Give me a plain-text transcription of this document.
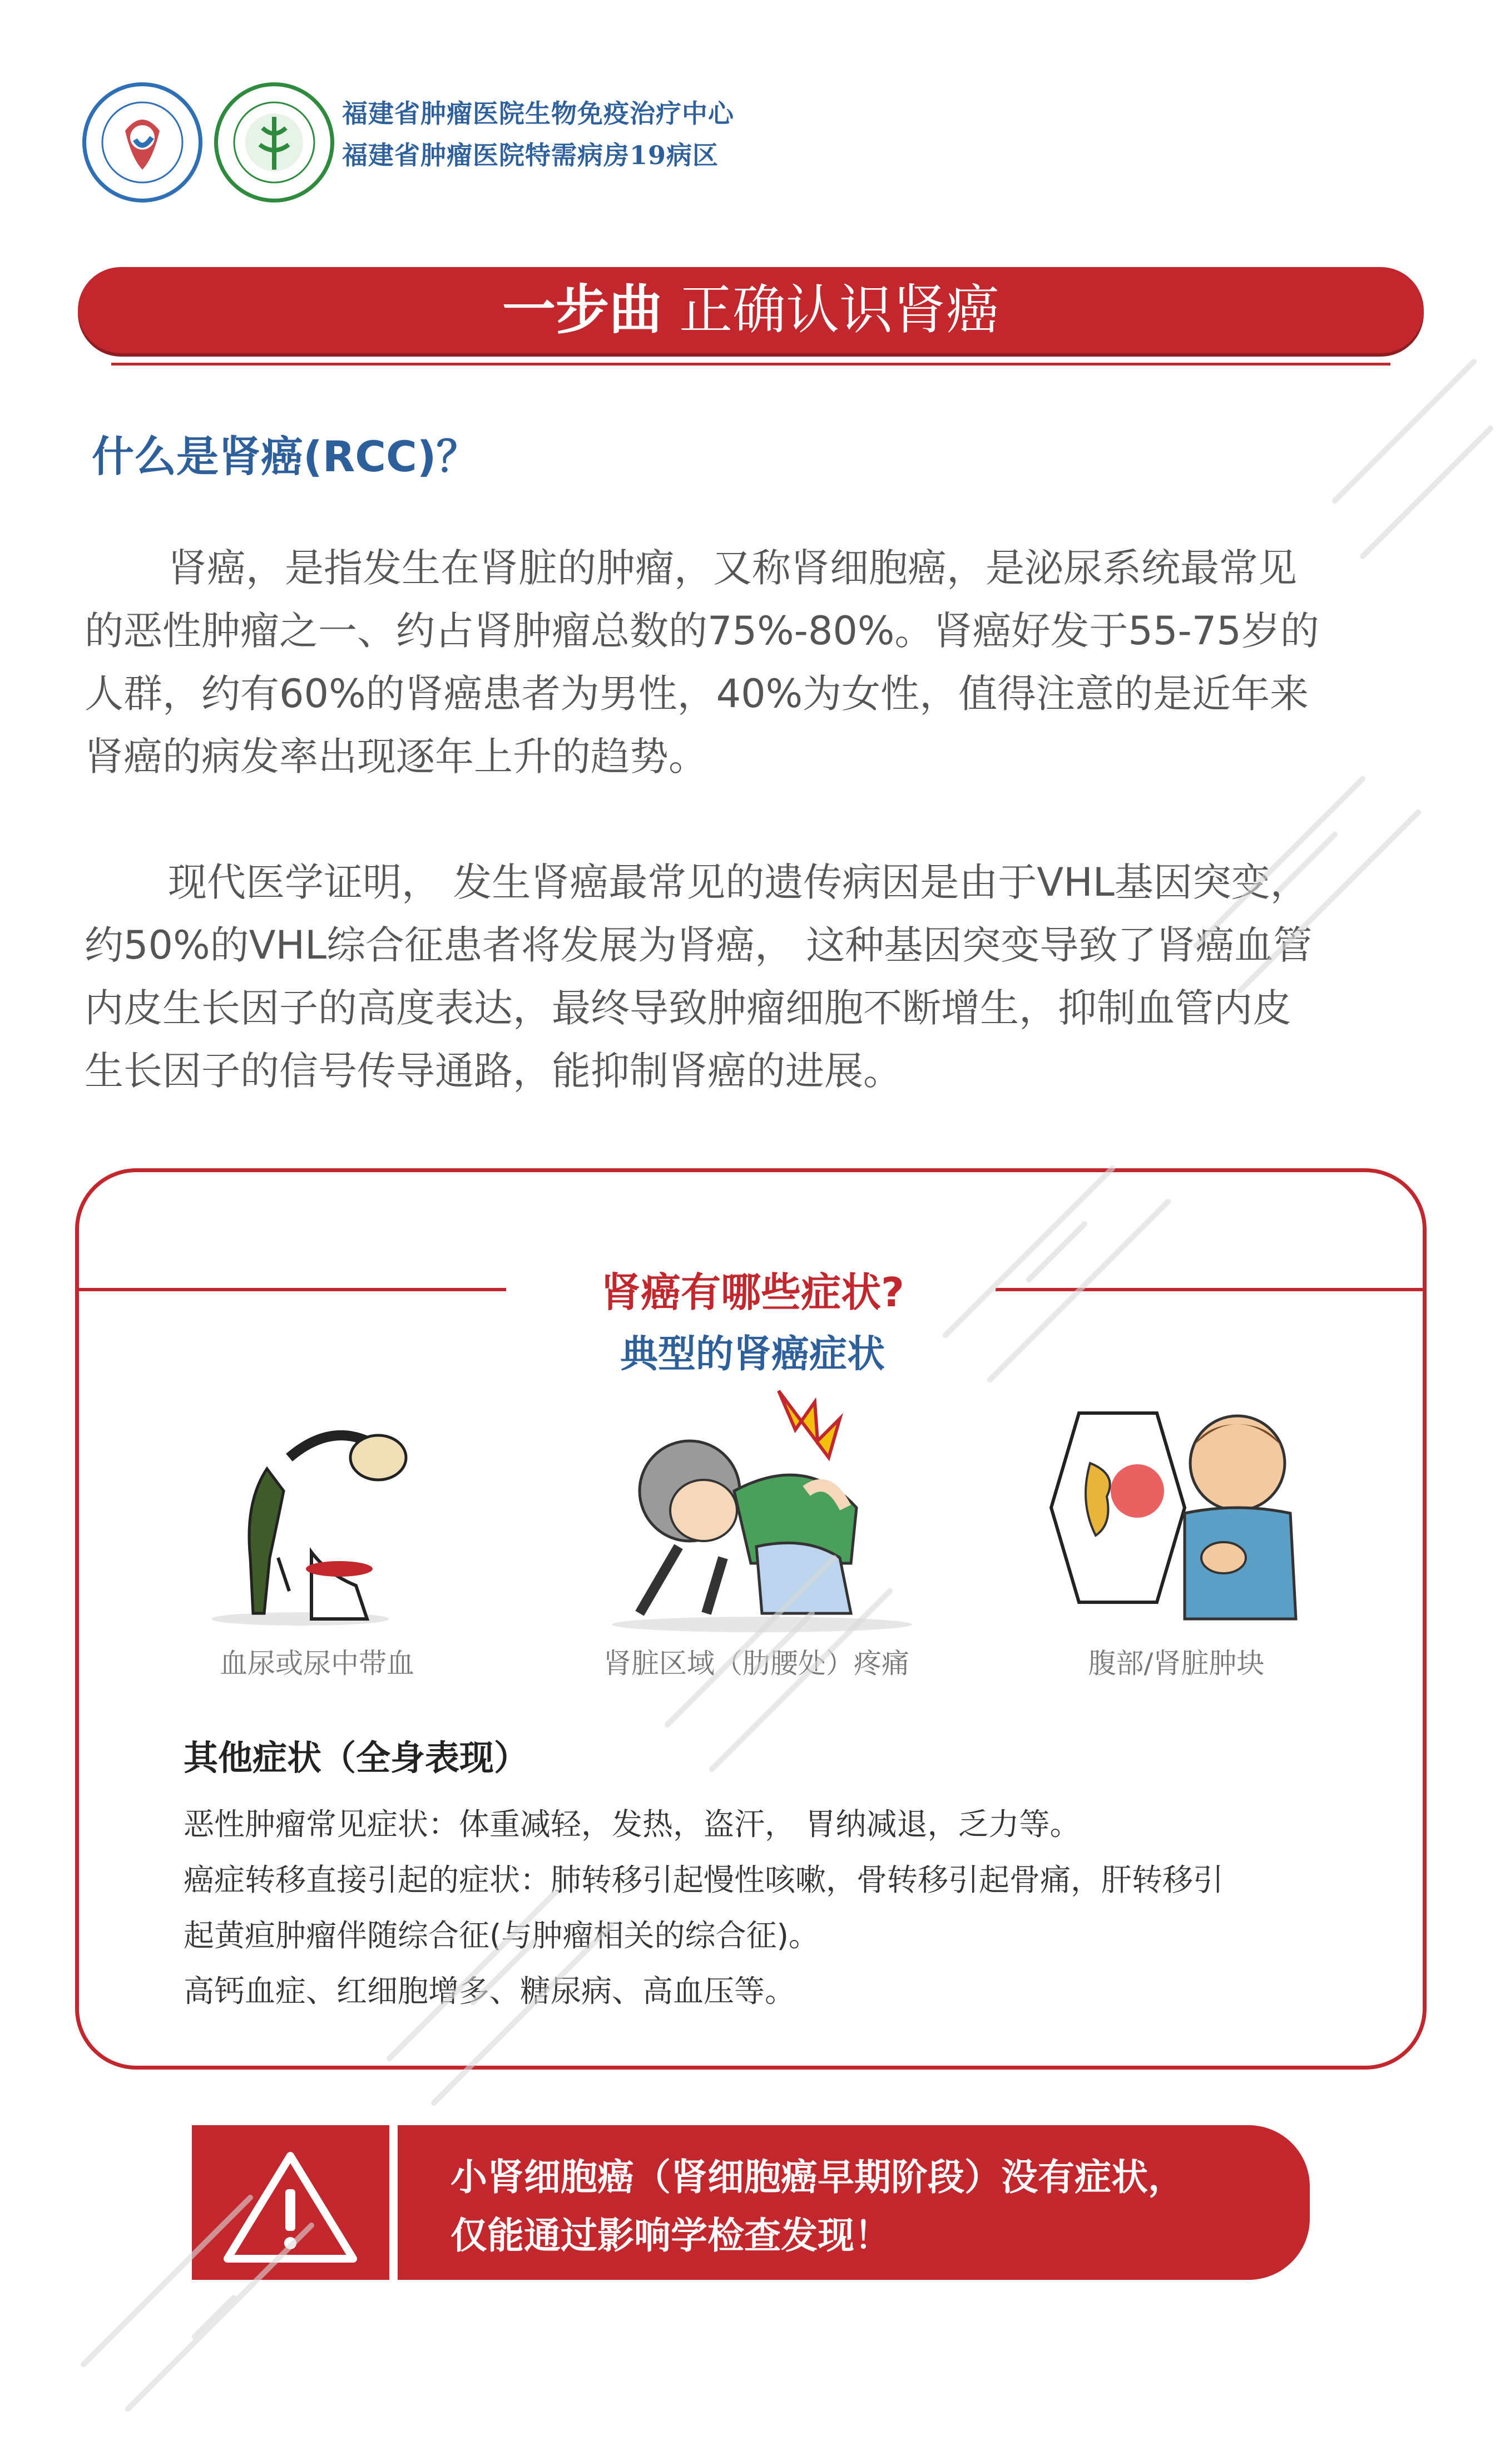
福建省肿瘤医院生物免疫治疗中心
福建省肿瘤医院特需病房19病区
一步曲 正确认识肾癌
什么是肾癌(RCC)？
肾癌，是指发生在肾脏的肿瘤，又称肾细胞癌，是泌尿系统最常见
的恶性肿瘤之一、约占肾肿瘤总数的75%-80%。肾癌好发于55-75岁的
人群，约有60%的肾癌患者为男性，40%为女性，值得注意的是近年来
肾癌的病发率出现逐年上升的趋势。
现代医学证明， 发生肾癌最常见的遗传病因是由于VHL基因突变，
约50%的VHL综合征患者将发展为肾癌， 这种基因突变导致了肾癌血管
内皮生长因子的高度表达，最终导致肿瘤细胞不断增生，抑制血管内皮
生长因子的信号传导通路，能抑制肾癌的进展。
肾癌有哪些症状?
典型的肾癌症状
血尿或尿中带血	肾脏区域（肋腰处）疼痛	腹部/肾脏肿块
其他症状（全身表现）
恶性肿瘤常见症状：体重减轻，发热，盗汗， 胃纳减退，乏力等。
癌症转移直接引起的症状：肺转移引起慢性咳嗽，骨转移引起骨痛，肝转移引
起黄疸肿瘤伴随综合征(与肿瘤相关的综合征)。
高钙血症、红细胞增多、糖尿病、高血压等。
小肾细胞癌（肾细胞癌早期阶段）没有症状，
仅能通过影响学检查发现！
